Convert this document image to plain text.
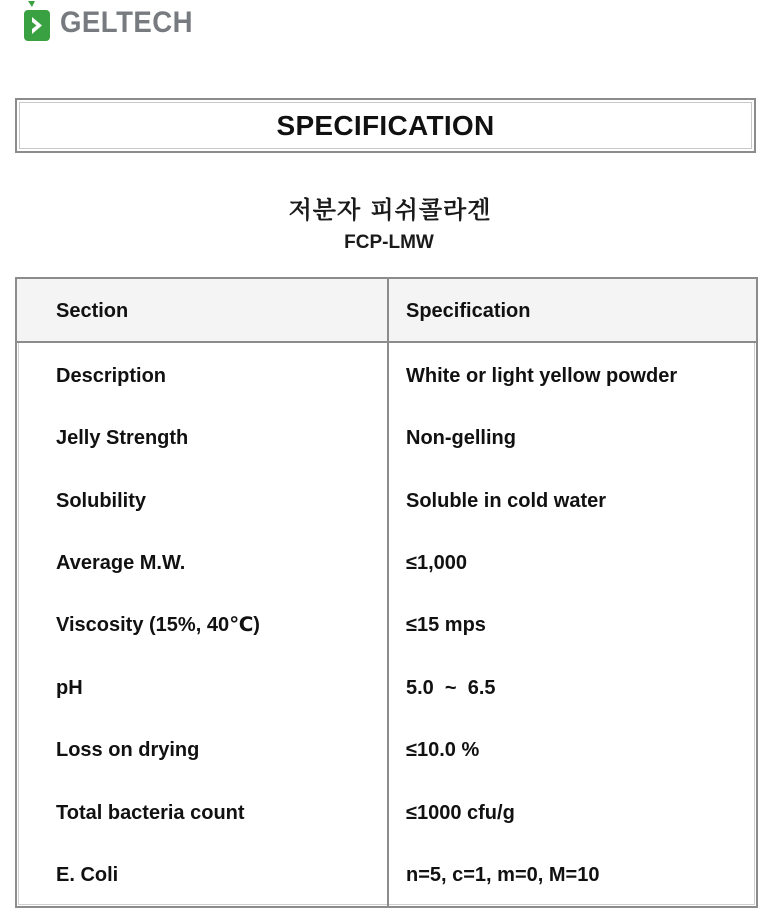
GELTECH
SPECIFICATION
저분자 피쉬콜라겐
FCP-LMW
Section	Specification
Description	White or light yellow powder
Jelly Strength	Non-gelling
Solubility	Soluble in cold water
Average M.W.	≤1,000
Viscosity (15%, 40℃)	≤15 mps
pH	5.0  ~  6.5
Loss on drying	≤10.0 %
Total bacteria count	≤1000 cfu/g
E. Coli	n=5, c=1, m=0, M=10
